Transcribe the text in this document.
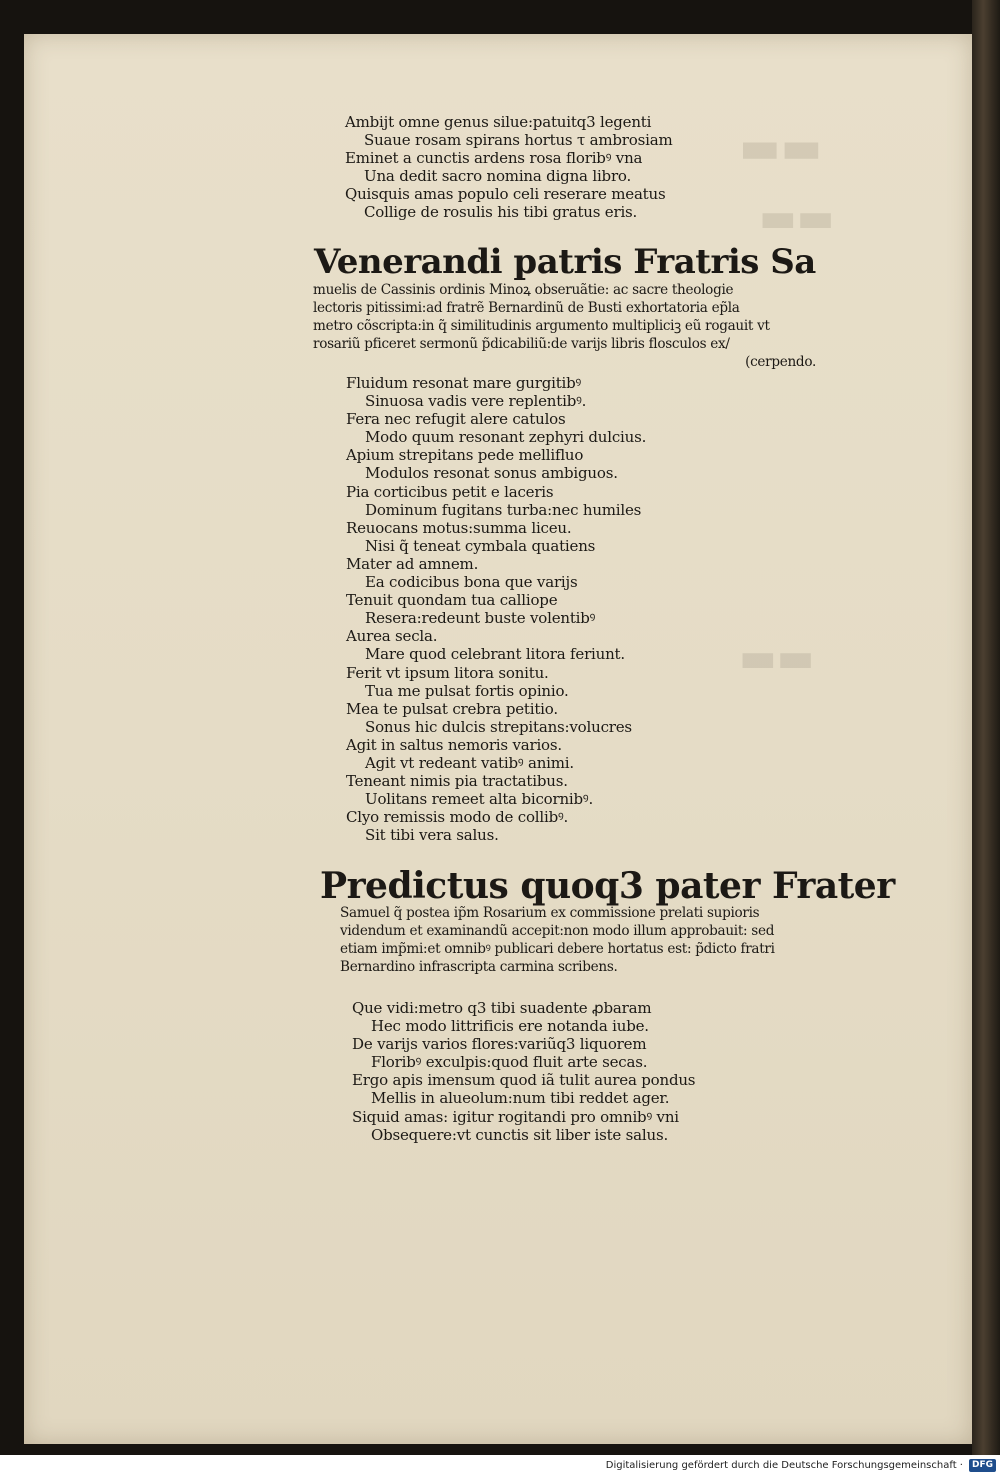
▬▬
▬▬
▬▬
Ambijt omne genus silue:patuitq3 legenti
Suaue rosam spirans hortus τ ambrosiam
Eminet a cunctis ardens rosa floribꝰ vna
Una dedit sacro nomina digna libro.
Quisquis amas populo celi reserare meatus
Collige de rosulis his tibi gratus eris.
Venerandi patris Fratris Sa
muelis de Cassinis ordinis Minoꝝ obseruãtie: ac sacre theologie
lectoris pitissimi:ad fratrẽ Bernardinũ de Busti exhortatoria ep̃la
metro cõscripta:in q̃ similitudinis argumento multipliciꝫ eũ rogauit vt
rosariũ pficeret sermonũ p̃dicabiliũ:de varijs libris flosculos ex/
(cerpendo.
Fluidum resonat mare gurgitibꝰ
Sinuosa vadis vere replentibꝰ.
Fera nec refugit alere catulos
Modo quum resonant zephyri dulcius.
Apium strepitans pede mellifluo
Modulos resonat sonus ambiguos.
Pia corticibus petit e laceris
Dominum fugitans turba:nec humiles
Reuocans motus:summa liceu.
Nisi q̃ teneat cymbala quatiens
Mater ad amnem.
Ea codicibus bona que varijs
Tenuit quondam tua calliope
Resera:redeunt buste volentibꝰ
Aurea secla.
Mare quod celebrant litora feriunt.
Ferit vt ipsum litora sonitu.
Tua me pulsat fortis opinio.
Mea te pulsat crebra petitio.
Sonus hic dulcis strepitans:volucres
Agit in saltus nemoris varios.
Agit vt redeant vatibꝰ animi.
Teneant nimis pia tractatibus.
Uolitans remeet alta bicornibꝰ.
Clyo remissis modo de collibꝰ.
Sit tibi vera salus.
Predictus quoq3 pater Frater
Samuel q̃ postea ip̃m Rosarium ex commissione prelati supioris
videndum et examinandũ accepit:non modo illum approbauit: sed
etiam imp̃mi:et omnibꝰ publicari debere hortatus est: p̃dicto fratri
Bernardino infrascripta carmina scribens.
Que vidi:metro q3 tibi suadente ꝓbaram
Hec modo littrificis ere notanda iube.
De varijs varios flores:variũq3 liquorem
Floribꝰ exculpis:quod fluit arte secas.
Ergo apis imensum quod iã tulit aurea pondus
Mellis in alueolum:num tibi reddet ager.
Siquid amas: igitur rogitandi pro omnibꝰ vni
Obsequere:vt cunctis sit liber iste salus.
Digitalisierung gefördert durch die Deutsche Forschungsgemeinschaft ·	DFG
